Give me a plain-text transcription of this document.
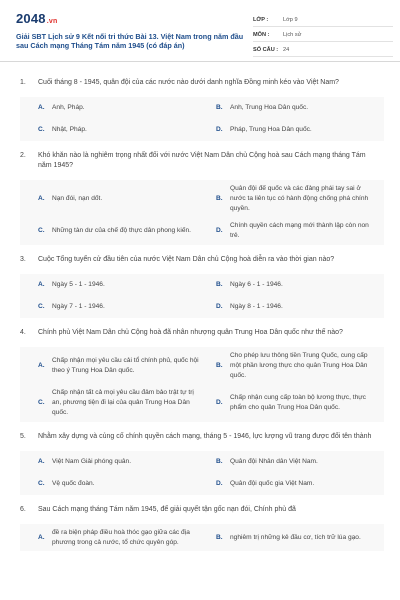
2048.vn
Giải SBT Lịch sử 9 Kết nối tri thức Bài 13. Việt Nam trong năm đầu sau Cách mạng Tháng Tám năm 1945 (có đáp án)
LỚP :	Lớp 9
MÔN :	Lịch sử
SỐ CÂU : 24
1.	Cuối tháng 8 - 1945, quân đội của các nước nào dưới danh nghĩa Đồng minh kéo vào Việt Nam?
A.	Anh, Pháp.	B.	Anh, Trung Hoa Dân quốc.
C.	Nhật, Pháp.	D.	Pháp, Trung Hoa Dân quốc.
2.	Khó khăn nào là nghiêm trọng nhất đối với nước Việt Nam Dân chủ Cộng hoà sau Cách mạng tháng Tám năm 1945?
A.	Nạn đói, nạn dốt.	B.
Quân đội đế quốc và các đảng phái tay sai ở nước ta liên tục có hành động chống phá chính quyền.
C.	Những tàn dư của chế độ thực dân phong kiến.	D.
Chính quyền cách mạng mới thành lập còn non trẻ.
3.	Cuộc Tổng tuyển cử đầu tiên của nước Việt Nam Dân chủ Cộng hoà diễn ra vào thời gian nào?
A.	Ngày 5 - 1 - 1946.	B.	Ngày 6 - 1 - 1946.
C.	Ngày 7 - 1 - 1946.	D.	Ngày 8 - 1 - 1946.
4.	Chính phủ Việt Nam Dân chủ Cộng hoà đã nhân nhượng quân Trung Hoa Dân quốc như thế nào?
A.
Chấp nhận mọi yêu cầu cải tổ chính phủ, quốc hội theo ý Trung Hoa Dân quốc.
B.
Cho phép lưu thông tiền Trung Quốc, cung cấp một phần lương thực cho quân Trung Hoa Dân quốc.
C.
Chấp nhận tất cả mọi yêu cầu đảm bảo trật tự trị an, phương tiện đi lại của quân Trung Hoa Dân quốc.
D.
Chấp nhận cung cấp toàn bộ lương thực, thực phẩm cho quân Trung Hoa Dân quốc.
5.	Nhằm xây dựng và củng cố chính quyền cách mạng, tháng 5 - 1946, lực lượng vũ trang được đổi tên thành
A.	Việt Nam Giải phóng quân.	B.	Quân đội Nhân dân Việt Nam.
C.	Vệ quốc đoàn.	D.	Quân đội quốc gia Việt Nam.
6.	Sau Cách mạng tháng Tám năm 1945, để giải quyết tận gốc nạn đói, Chính phủ đã
A.
đề ra biện pháp điều hoà thóc gạo giữa các địa phương trong cả nước, tổ chức quyên góp.
B.	nghiêm trị những kẻ đầu cơ, tích trữ lúa gạo.
